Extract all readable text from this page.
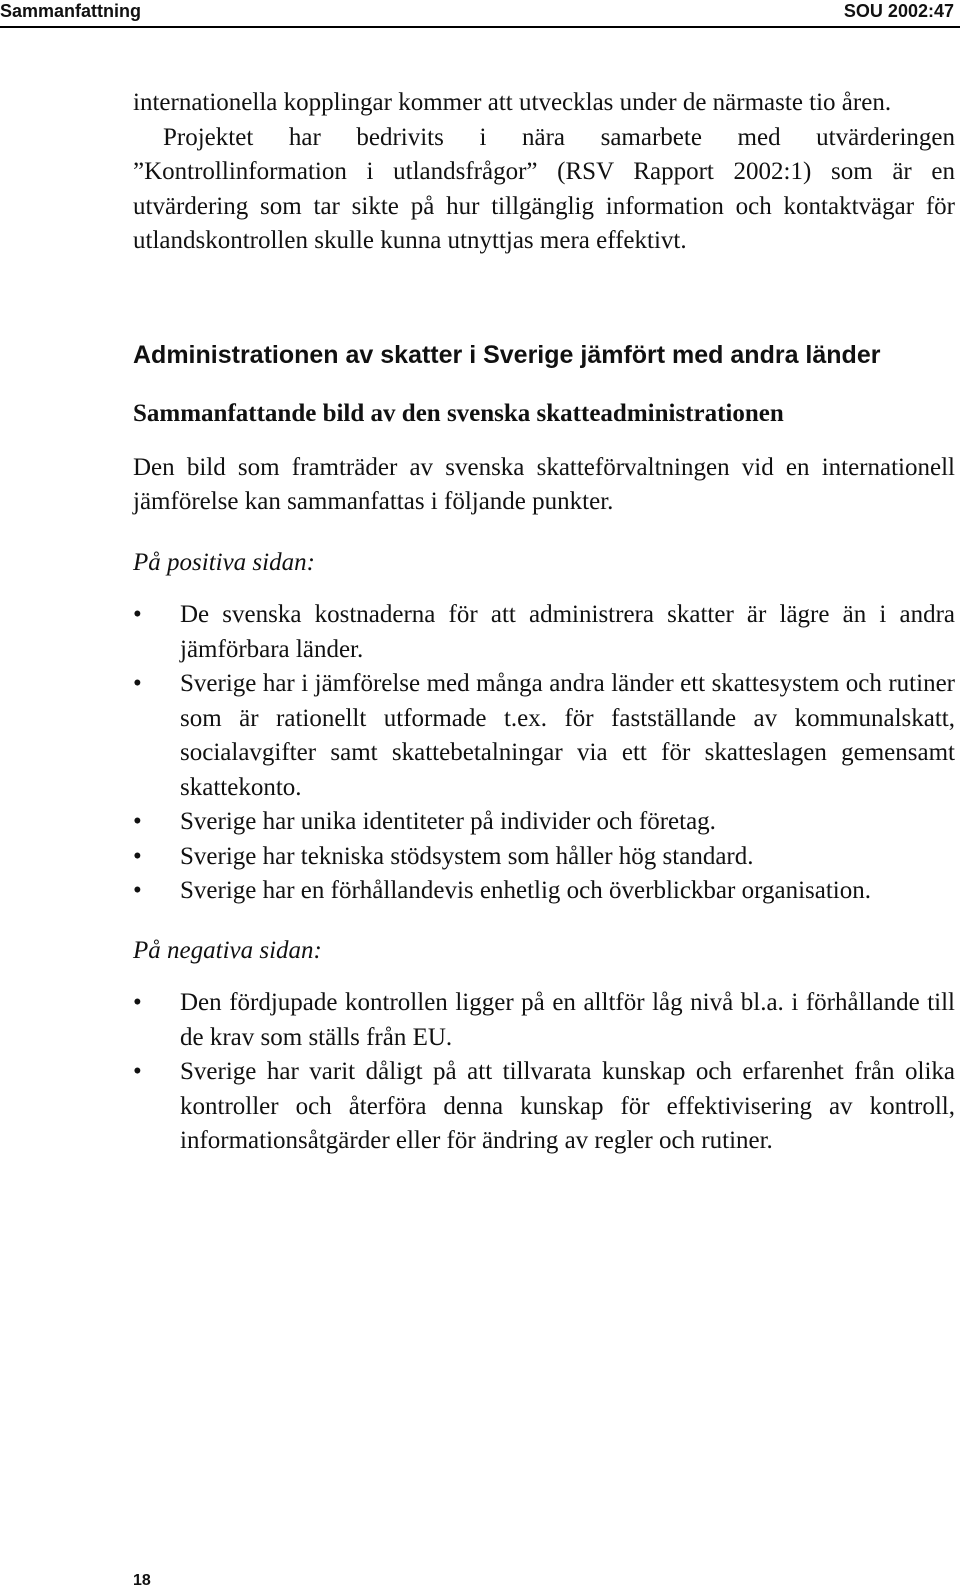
Sammanfattning	SOU 2002:47

internationella kopplingar kommer att utvecklas under de närmaste tio åren.

Projektet har bedrivits i nära samarbete med utvärderingen ”Kontrollinformation i utlandsfrågor” (RSV Rapport 2002:1) som är en utvärdering som tar sikte på hur tillgänglig information och kontaktvägar för utlandskontrollen skulle kunna utnyttjas mera effektivt.

Administrationen av skatter i Sverige jämfört med andra länder
Sammanfattande bild av den svenska skatteadministrationen

Den bild som framträder av svenska skatteförvaltningen vid en internationell jämförelse kan sammanfattas i följande punkter.

På positiva sidan:

• De svenska kostnaderna för att administrera skatter är lägre än i andra jämförbara länder.
• Sverige har i jämförelse med många andra länder ett skattesystem och rutiner som är rationellt utformade t.ex. för fastställande av kommunalskatt, socialavgifter samt skattebetalningar via ett för skatteslagen gemensamt skattekonto.
• Sverige har unika identiteter på individer och företag.
• Sverige har tekniska stödsystem som håller hög standard.
• Sverige har en förhållandevis enhetlig och överblickbar organisation.

På negativa sidan:

• Den fördjupade kontrollen ligger på en alltför låg nivå bl.a. i förhållande till de krav som ställs från EU.
• Sverige har varit dåligt på att tillvarata kunskap och erfarenhet från olika kontroller och återföra denna kunskap för effektivisering av kontroll, informationsåtgärder eller för ändring av regler och rutiner.
18
